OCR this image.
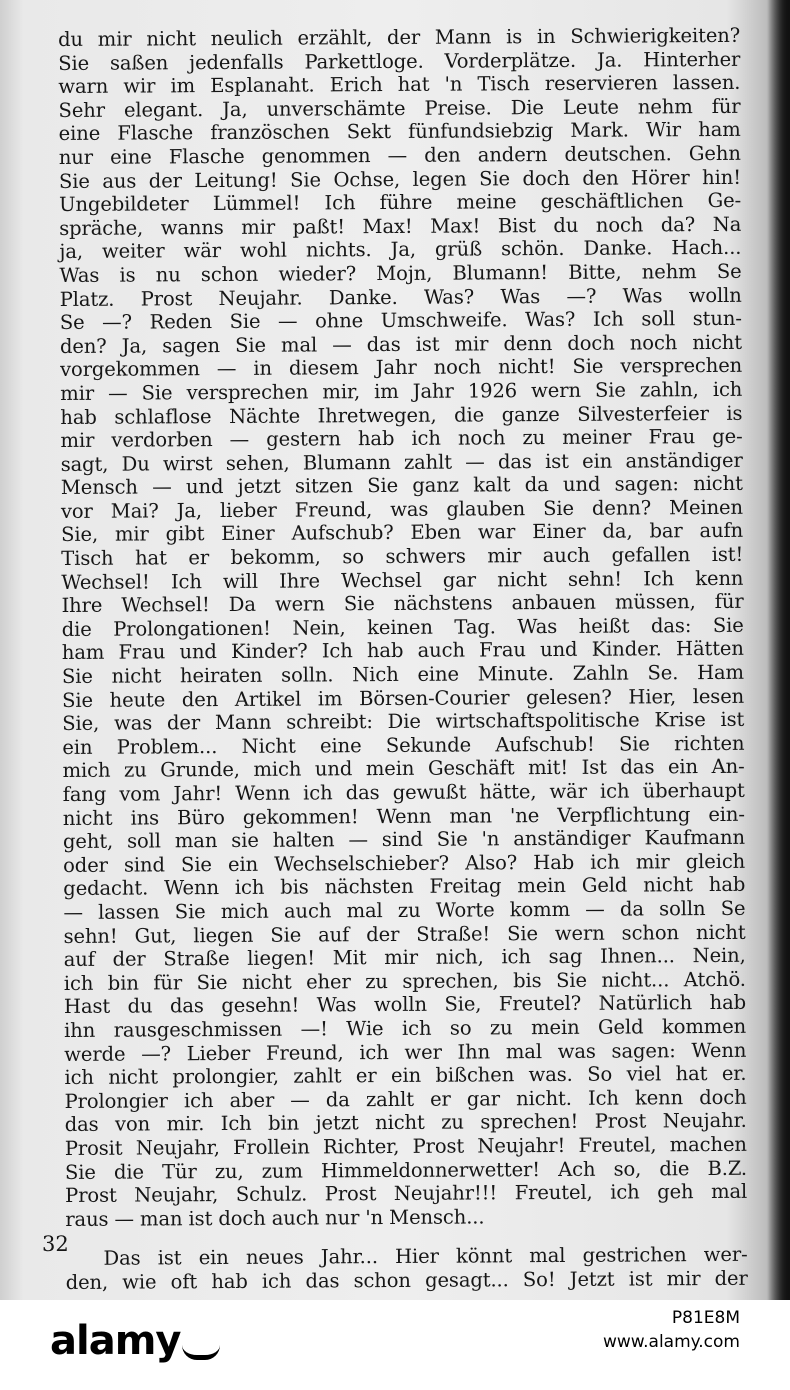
du mir nicht neulich erzählt, der Mann is in Schwierigkeiten?
Sie saßen jedenfalls Parkettloge. Vorderplätze. Ja. Hinterher
warn wir im Esplanaht. Erich hat 'n Tisch reservieren lassen.
Sehr elegant. Ja, unverschämte Preise. Die Leute nehm für
eine Flasche französchen Sekt fünfundsiebzig Mark. Wir ham
nur eine Flasche genommen — den andern deutschen. Gehn
Sie aus der Leitung! Sie Ochse, legen Sie doch den Hörer hin!
Ungebildeter Lümmel! Ich führe meine geschäftlichen Ge-
spräche, wanns mir paßt! Max! Max! Bist du noch da? Na
ja, weiter wär wohl nichts. Ja, grüß schön. Danke. Hach...
Was is nu schon wieder? Mojn, Blumann! Bitte, nehm Se
Platz. Prost Neujahr. Danke. Was? Was —? Was wolln
Se —? Reden Sie — ohne Umschweife. Was? Ich soll stun-
den? Ja, sagen Sie mal — das ist mir denn doch noch nicht
vorgekommen — in diesem Jahr noch nicht! Sie versprechen
mir — Sie versprechen mir, im Jahr 1926 wern Sie zahln, ich
hab schlaflose Nächte Ihretwegen, die ganze Silvesterfeier is
mir verdorben — gestern hab ich noch zu meiner Frau ge-
sagt, Du wirst sehen, Blumann zahlt — das ist ein anständiger
Mensch — und jetzt sitzen Sie ganz kalt da und sagen: nicht
vor Mai? Ja, lieber Freund, was glauben Sie denn? Meinen
Sie, mir gibt Einer Aufschub? Eben war Einer da, bar aufn
Tisch hat er bekomm, so schwers mir auch gefallen ist!
Wechsel! Ich will Ihre Wechsel gar nicht sehn! Ich kenn
Ihre Wechsel! Da wern Sie nächstens anbauen müssen, für
die Prolongationen! Nein, keinen Tag. Was heißt das: Sie
ham Frau und Kinder? Ich hab auch Frau und Kinder. Hätten
Sie nicht heiraten solln. Nich eine Minute. Zahln Se. Ham
Sie heute den Artikel im Börsen-Courier gelesen? Hier, lesen
Sie, was der Mann schreibt: Die wirtschaftspolitische Krise ist
ein Problem... Nicht eine Sekunde Aufschub! Sie richten
mich zu Grunde, mich und mein Geschäft mit! Ist das ein An-
fang vom Jahr! Wenn ich das gewußt hätte, wär ich überhaupt
nicht ins Büro gekommen! Wenn man 'ne Verpflichtung ein-
geht, soll man sie halten — sind Sie 'n anständiger Kaufmann
oder sind Sie ein Wechselschieber? Also? Hab ich mir gleich
gedacht. Wenn ich bis nächsten Freitag mein Geld nicht hab
— lassen Sie mich auch mal zu Worte komm — da solln Se
sehn! Gut, liegen Sie auf der Straße! Sie wern schon nicht
auf der Straße liegen! Mit mir nich, ich sag Ihnen... Nein,
ich bin für Sie nicht eher zu sprechen, bis Sie nicht... Atchö.
Hast du das gesehn! Was wolln Sie, Freutel? Natürlich hab
ihn rausgeschmissen —! Wie ich so zu mein Geld kommen
werde —? Lieber Freund, ich wer Ihn mal was sagen: Wenn
ich nicht prolongier, zahlt er ein bißchen was. So viel hat er.
Prolongier ich aber — da zahlt er gar nicht. Ich kenn doch
das von mir. Ich bin jetzt nicht zu sprechen! Prost Neujahr.
Prosit Neujahr, Frollein Richter, Prost Neujahr! Freutel, machen
Sie die Tür zu, zum Himmeldonnerwetter! Ach so, die B.Z.
Prost Neujahr, Schulz. Prost Neujahr!!! Freutel, ich geh mal
raus — man ist doch auch nur 'n Mensch...
Das ist ein neues Jahr... Hier könnt mal gestrichen wer-
den, wie oft hab ich das schon gesagt... So! Jetzt ist mir der
32
alamy	P81E8M
www.alamy.com
